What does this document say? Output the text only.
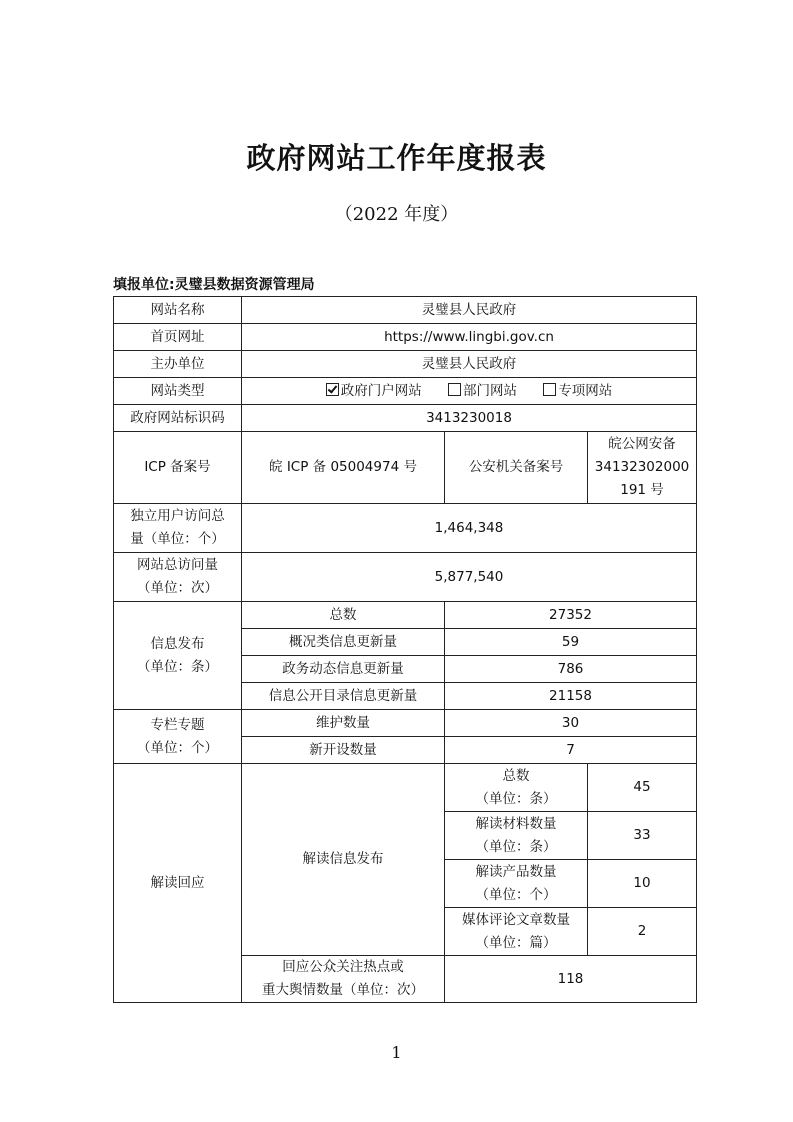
政府网站工作年度报表
（2022 年度）
填报单位:灵璧县数据资源管理局
网站名称	灵璧县人民政府		
首页网址	https://www.lingbi.gov.cn		
主办单位	灵璧县人民政府		
网站类型	政府门户网站 部门网站 专项网站		
政府网站标识码	3413230018		
ICP 备案号	皖 ICP 备 05004974 号	公安机关备案号	皖公网安备
34132302000
191 号

独立用户访问总
量（单位：个）	1,464,348		

网站总访问量
（单位：次）	5,877,540		

信息发布
（单位：条）	总数	27352	
	概况类信息更新量	59	
	政务动态信息更新量	786	
	信息公开目录信息更新量	21158	

专栏专题
（单位：个）	维护数量	30	
	新开设数量	7	
解读回应	解读信息发布	总数
（单位：条）	45

		解读材料数量
（单位：条）	33

		解读产品数量
（单位：个）	10

		媒体评论文章数量
（单位：篇）	2

	回应公众关注热点或
重大舆情数量（单位：次）	118	
1
